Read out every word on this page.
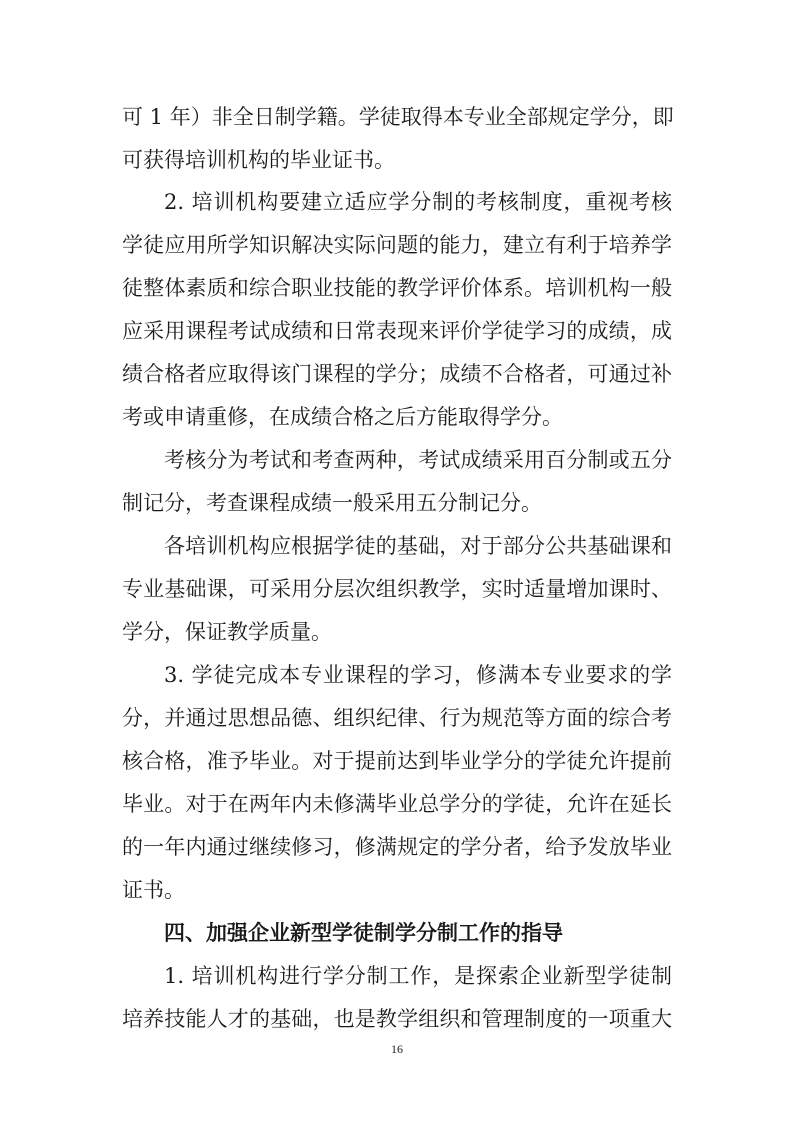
可 1 年）非全日制学籍。学徒取得本专业全部规定学分，即
可获得培训机构的毕业证书。
2. 培训机构要建立适应学分制的考核制度，重视考核
学徒应用所学知识解决实际问题的能力，建立有利于培养学
徒整体素质和综合职业技能的教学评价体系。培训机构一般
应采用课程考试成绩和日常表现来评价学徒学习的成绩，成
绩合格者应取得该门课程的学分；成绩不合格者，可通过补
考或申请重修，在成绩合格之后方能取得学分。
考核分为考试和考查两种，考试成绩采用百分制或五分
制记分，考查课程成绩一般采用五分制记分。
各培训机构应根据学徒的基础，对于部分公共基础课和
专业基础课，可采用分层次组织教学，实时适量增加课时、
学分，保证教学质量。
3. 学徒完成本专业课程的学习，修满本专业要求的学
分，并通过思想品德、组织纪律、行为规范等方面的综合考
核合格，准予毕业。对于提前达到毕业学分的学徒允许提前
毕业。对于在两年内未修满毕业总学分的学徒，允许在延长
的一年内通过继续修习，修满规定的学分者，给予发放毕业
证书。
四、加强企业新型学徒制学分制工作的指导
1. 培训机构进行学分制工作，是探索企业新型学徒制
培养技能人才的基础，也是教学组织和管理制度的一项重大
16
